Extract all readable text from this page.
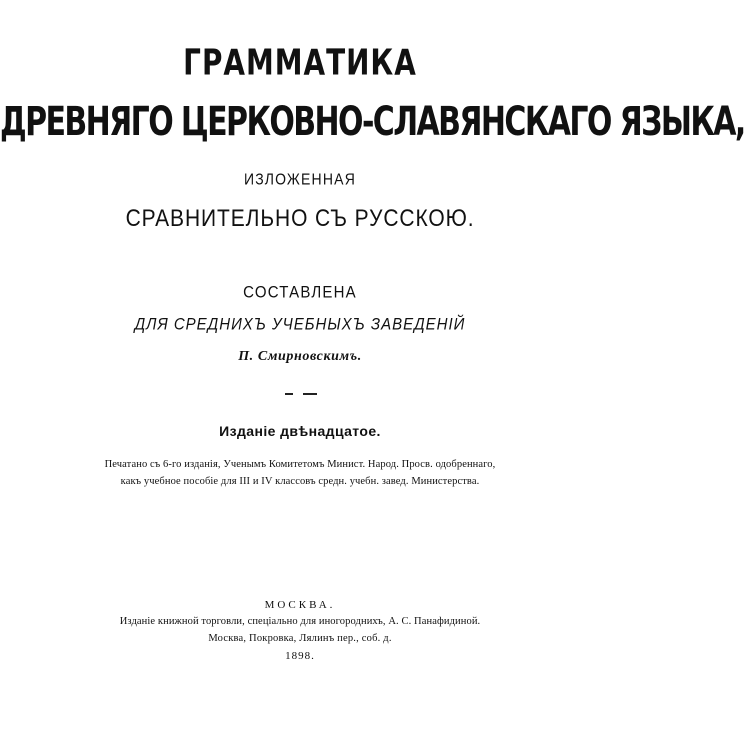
ГРАММАТИКА
ДРЕВНЯГО ЦЕРКОВНО-СЛАВЯНСКАГО ЯЗЫКА,
ИЗЛОЖЕННАЯ
СРАВНИТЕЛЬНО СЪ РУССКОЮ.
СОСТАВЛЕНА
ДЛЯ СРЕДНИХЪ УЧЕБНЫХЪ ЗАВЕДЕНІЙ
П. Смирновскимъ.
Изданіе двѣнадцатое.
Печатано съ 6-го изданія, Ученымъ Комитетомъ Минист. Народ. Просв. одобреннаго,
какъ учебное пособіе для III и IV классовъ средн. учебн. завед. Министерства.
МОСКВА.
Изданіе книжной торговли, спеціально для иногороднихъ, А. С. Панафидиной.
Москва, Покровка, Лялинъ пер., соб. д.
1898.
